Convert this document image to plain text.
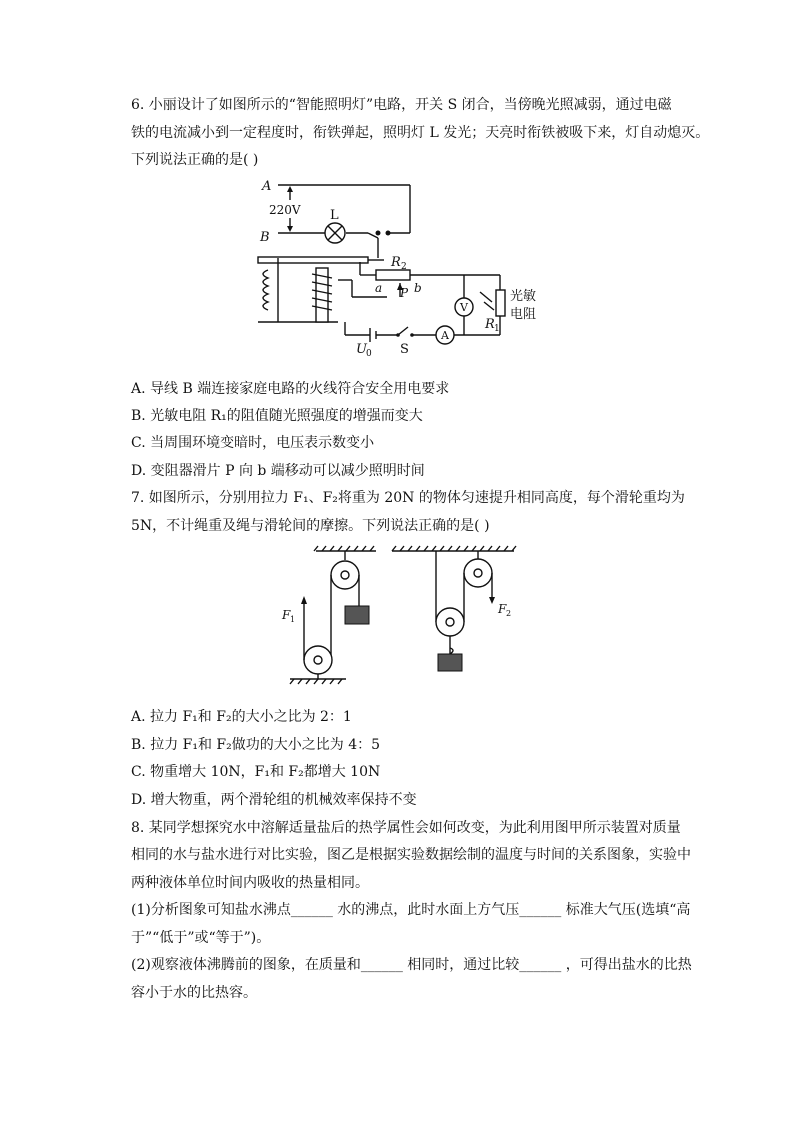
6. 小丽设计了如图所示的“智能照明灯”电路，开关 S 闭合，当傍晚光照减弱，通过电磁
铁的电流减小到一定程度时，衔铁弹起，照明灯 L 发光；天亮时衔铁被吸下来，灯自动熄灭。
下列说法正确的是( )
A
B
220V L
R 2
a P b
V
R 1
光敏
电阻
U 0 S
A
A. 导线 B 端连接家庭电路的火线符合安全用电要求
B. 光敏电阻 R₁的阻值随光照强度的增强而变大
C. 当周围环境变暗时，电压表示数变小
D. 变阻器滑片 P 向 b 端移动可以减少照明时间
7. 如图所示，分别用拉力 F₁、F₂将重为 20N 的物体匀速提升相同高度，每个滑轮重均为
5N，不计绳重及绳与滑轮间的摩擦。下列说法正确的是( )
F 1
F 2
A. 拉力 F₁和 F₂的大小之比为 2：1
B. 拉力 F₁和 F₂做功的大小之比为 4：5
C. 物重增大 10N，F₁和 F₂都增大 10N
D. 增大物重，两个滑轮组的机械效率保持不变
8. 某同学想探究水中溶解适量盐后的热学属性会如何改变，为此利用图甲所示装置对质量
相同的水与盐水进行对比实验，图乙是根据实验数据绘制的温度与时间的关系图象，实验中
两种液体单位时间内吸收的热量相同。
(1)分析图象可知盐水沸点______ 水的沸点，此时水面上方气压______ 标准大气压(选填“高
于”“低于”或“等于”)。
(2)观察液体沸腾前的图象，在质量和______ 相同时，通过比较______ ，可得出盐水的比热
容小于水的比热容。
